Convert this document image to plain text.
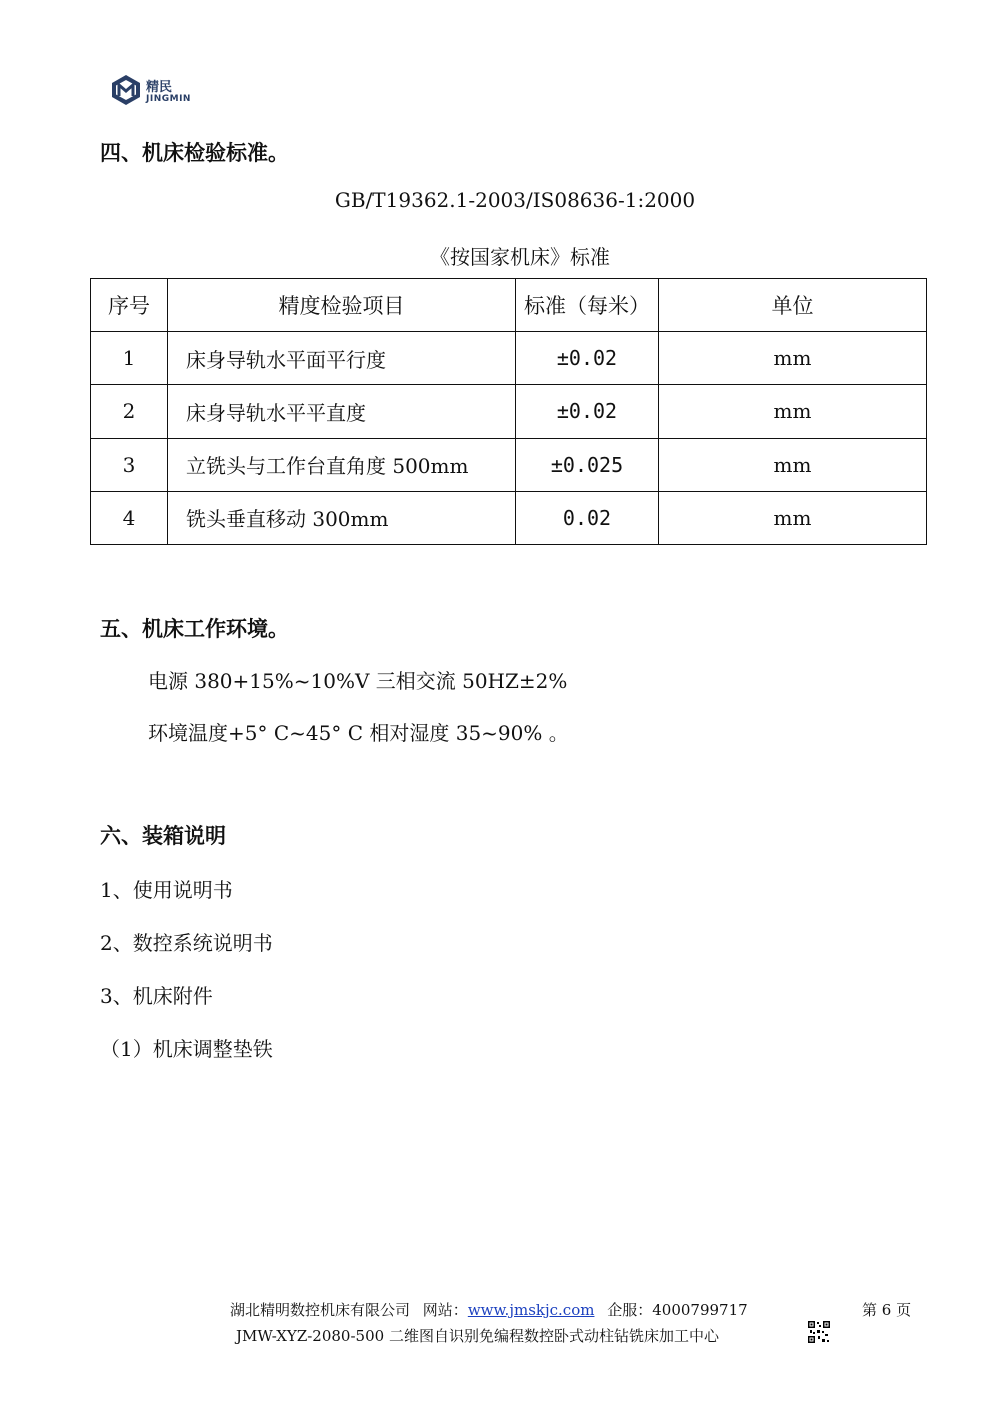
精民
JINGMIN
四、机床检验标准。
GB/T19362.1-2003/IS08636-1:2000
《按国家机床》标准
序号	精度检验项目	标准（每米）	单位
1	床身导轨水平面平行度	±0.02	mm
2	床身导轨水平平直度	±0.02	mm
3	立铣头与工作台直角度 500mm	±0.025	mm
4	铣头垂直移动 300mm	0.02	mm
五、机床工作环境。
电源 380+15%~10%V 三相交流 50HZ±2%
环境温度+5° C~45° C 相对湿度 35~90% 。
六、装箱说明
1、使用说明书
2、数控系统说明书
3、机床附件
（1）机床调整垫铁
湖北精明数控机床有限公司 网站：www.jmskjc.com 企服：4000799717	第 6 页
JMW-XYZ-2080-500 二维图自识别免编程数控卧式动柱钻铣床加工中心
